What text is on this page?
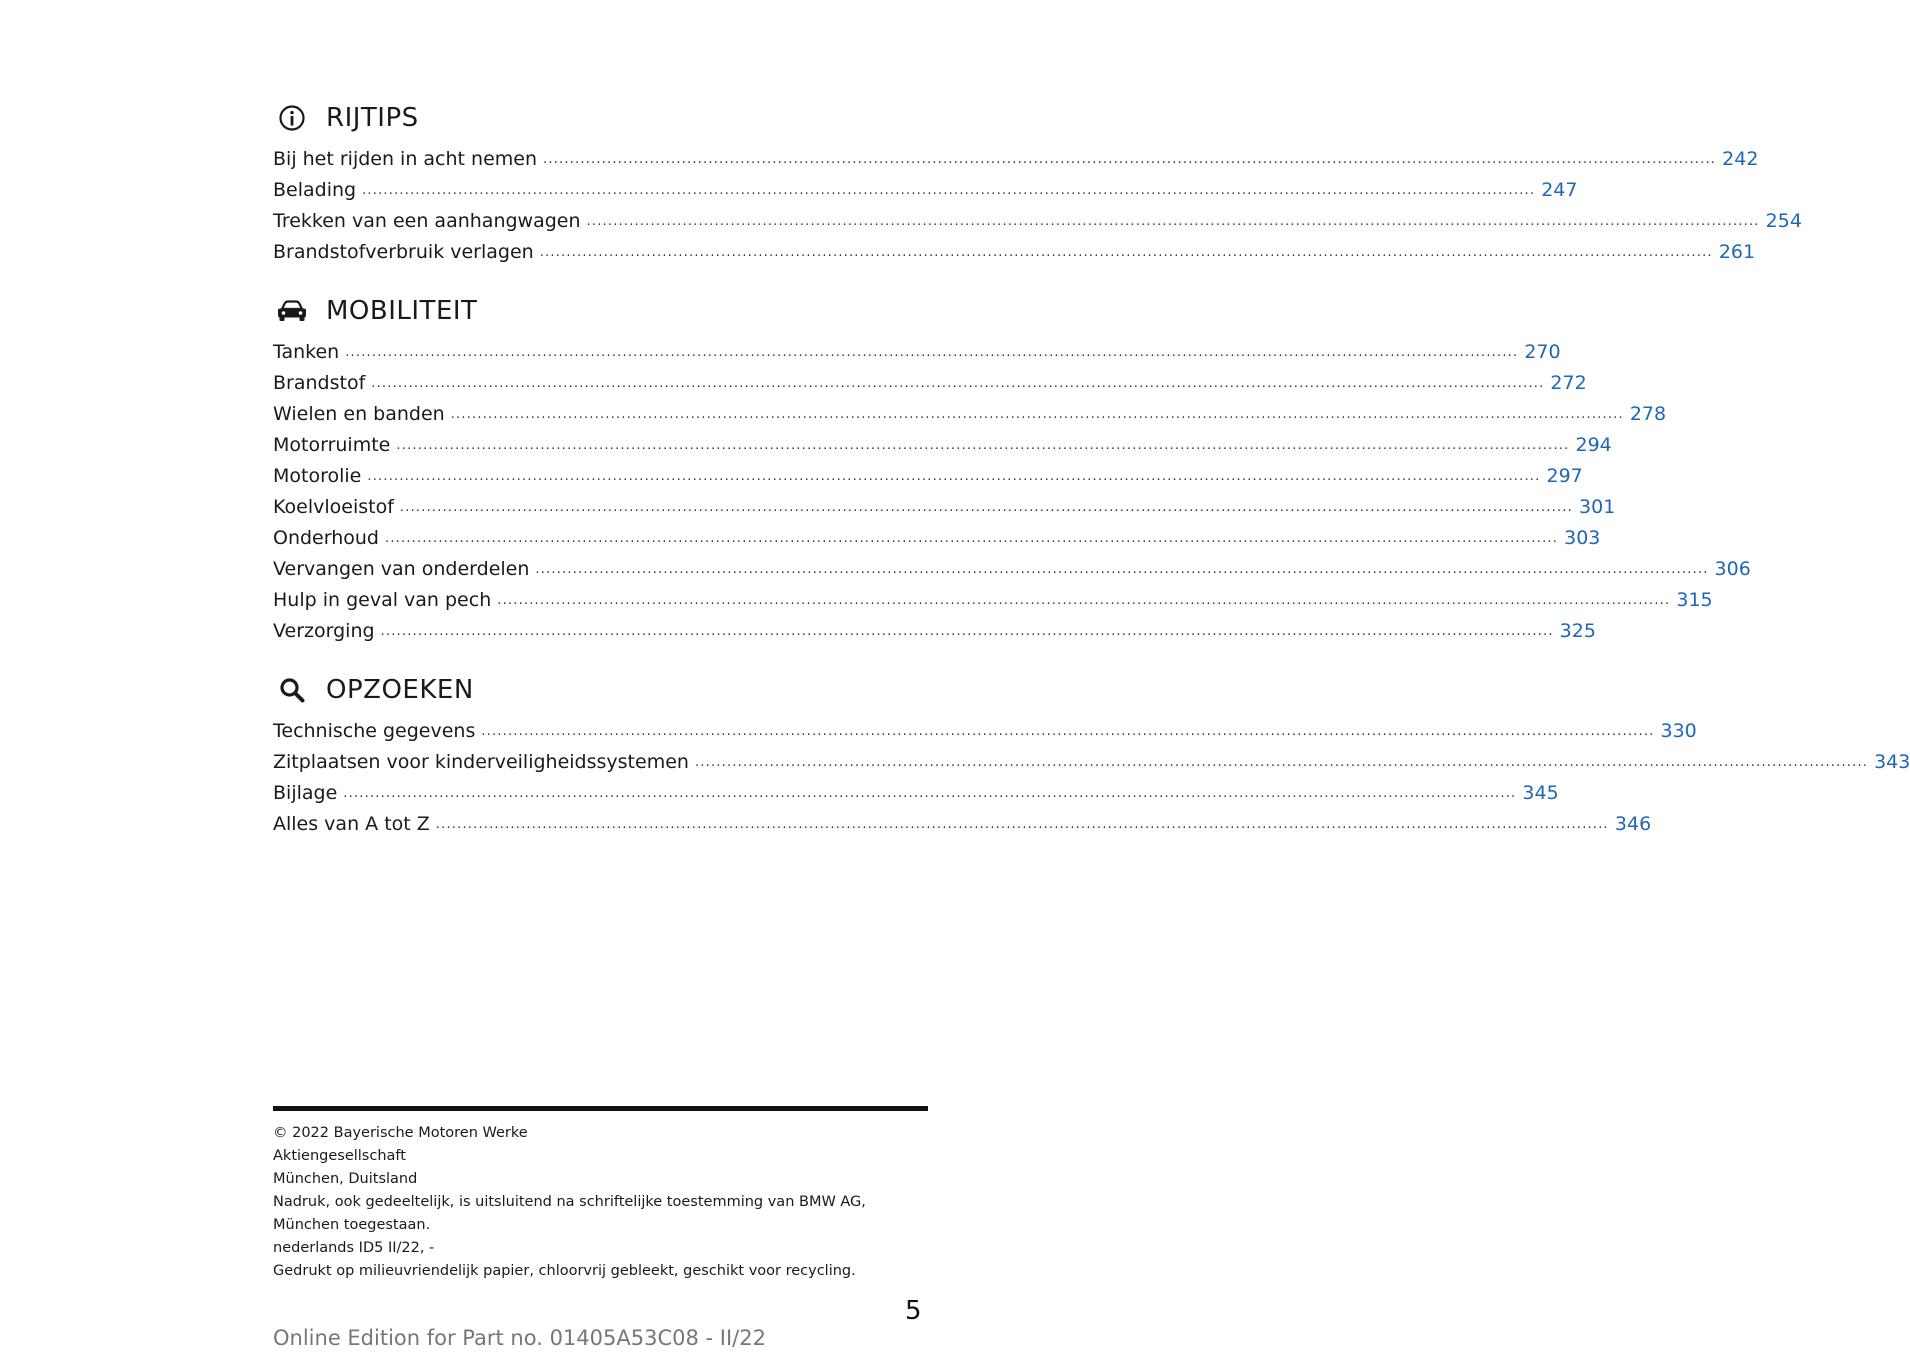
RIJTIPS
Bij het rijden in acht nemen ............................................................................................................................................................................................................................ 242
Belading ............................................................................................................................................................................................................................ 247
Trekken van een aanhangwagen ............................................................................................................................................................................................................................ 254
Brandstofverbruik verlagen ............................................................................................................................................................................................................................ 261
MOBILITEIT
Tanken ............................................................................................................................................................................................................................ 270
Brandstof ............................................................................................................................................................................................................................ 272
Wielen en banden ............................................................................................................................................................................................................................ 278
Motorruimte ............................................................................................................................................................................................................................ 294
Motorolie ............................................................................................................................................................................................................................ 297
Koelvloeistof ............................................................................................................................................................................................................................ 301
Onderhoud ............................................................................................................................................................................................................................ 303
Vervangen van onderdelen ............................................................................................................................................................................................................................ 306
Hulp in geval van pech ............................................................................................................................................................................................................................ 315
Verzorging ............................................................................................................................................................................................................................ 325
OPZOEKEN
Technische gegevens ............................................................................................................................................................................................................................ 330
Zitplaatsen voor kinderveiligheidssystemen ............................................................................................................................................................................................................................ 343
Bijlage ............................................................................................................................................................................................................................ 345
Alles van A tot Z ............................................................................................................................................................................................................................ 346
© 2022 Bayerische Motoren Werke
Aktiengesellschaft
München, Duitsland
Nadruk, ook gedeeltelijk, is uitsluitend na schriftelijke toestemming van BMW AG,
München toegestaan.
nederlands ID5 II/22, -
Gedrukt op milieuvriendelijk papier, chloorvrij gebleekt, geschikt voor recycling.
5
Online Edition for Part no. 01405A53C08 - II/22
